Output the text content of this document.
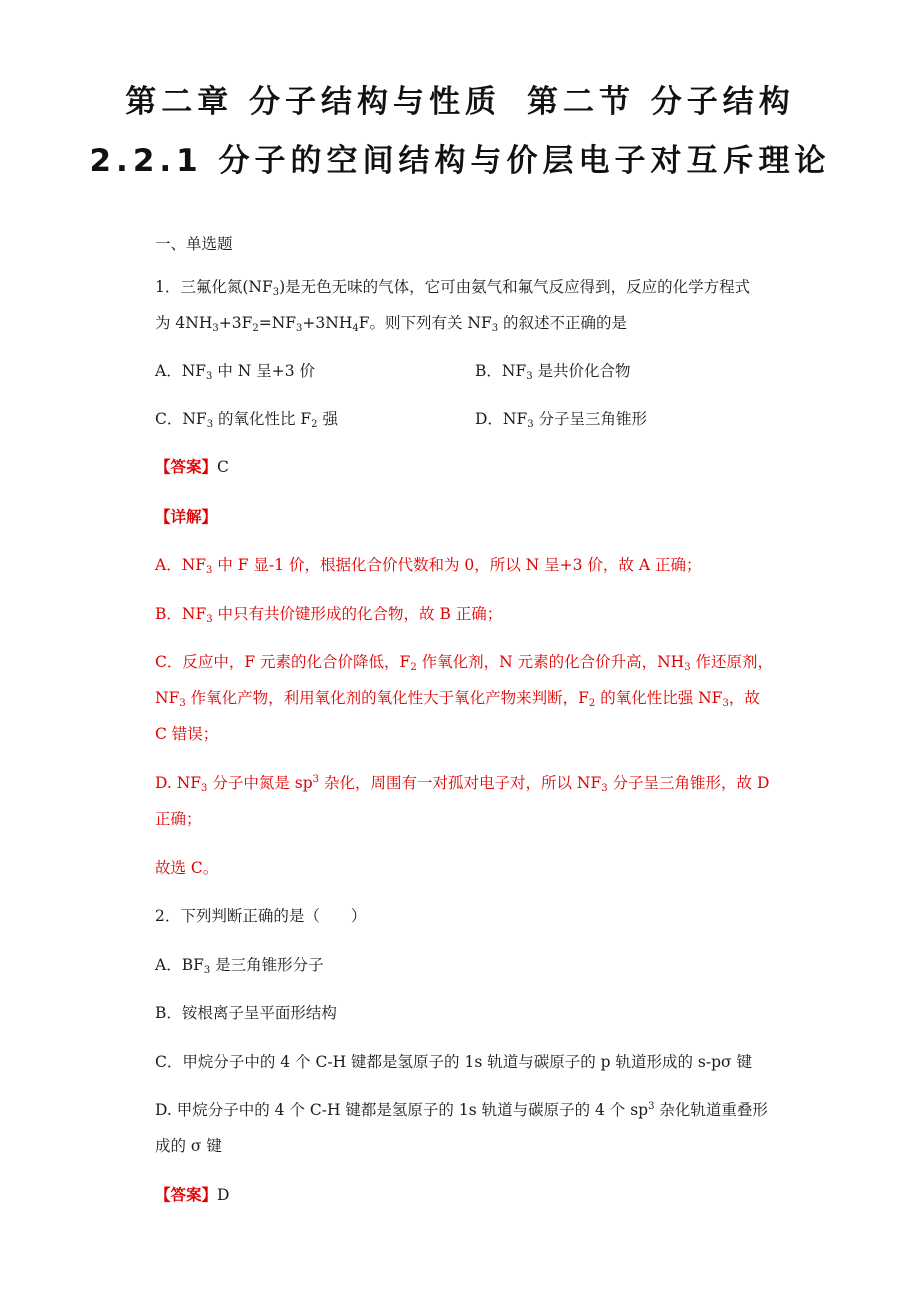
第二章 分子结构与性质 第二节 分子结构
2.2.1 分子的空间结构与价层电子对互斥理论
一、单选题
1．三氟化氮$(NF_3)$是无色无味的气体，它可由氨气和氟气反应得到，反应的化学方程式
为 $4NH_3+3F_2=NF_3+3NH_4F$。则下列有关 $NF_3$ 的叙述不正确的是
A．$NF_3$ 中 N 呈+3 价	B．$NF_3$ 是共价化合物
C．$NF_3$ 的氧化性比 $F_2$ 强	D．$NF_3$ 分子呈三角锥形
【答案】C
【详解】
A．$NF_3$ 中 F 显-1 价，根据化合价代数和为 0，所以 N 呈+3 价，故 A 正确；
B．$NF_3$ 中只有共价键形成的化合物，故 B 正确；
C．反应中，F 元素的化合价降低，$F_2$ 作氧化剂，N 元素的化合价升高，$NH_3$ 作还原剂，
$NF_3$ 作氧化产物，利用氧化剂的氧化性大于氧化产物来判断，$F_2$ 的氧化性比强 $NF_3$，故
C 错误；
D. $NF_3$ 分子中氮是 $sp^3$ 杂化，周围有一对孤对电子对，所以 $NF_3$ 分子呈三角锥形，故 D
正确；
故选 C。
2．下列判断正确的是（　　）
A．$BF_3$ 是三角锥形分子
B．铵根离子呈平面形结构
C．甲烷分子中的 4 个 C-H 键都是氢原子的 1s 轨道与碳原子的 p 轨道形成的 s-pσ 键
D. 甲烷分子中的 4 个 C-H 键都是氢原子的 1s 轨道与碳原子的 4 个 $sp^3$ 杂化轨道重叠形
成的 σ 键
【答案】D
